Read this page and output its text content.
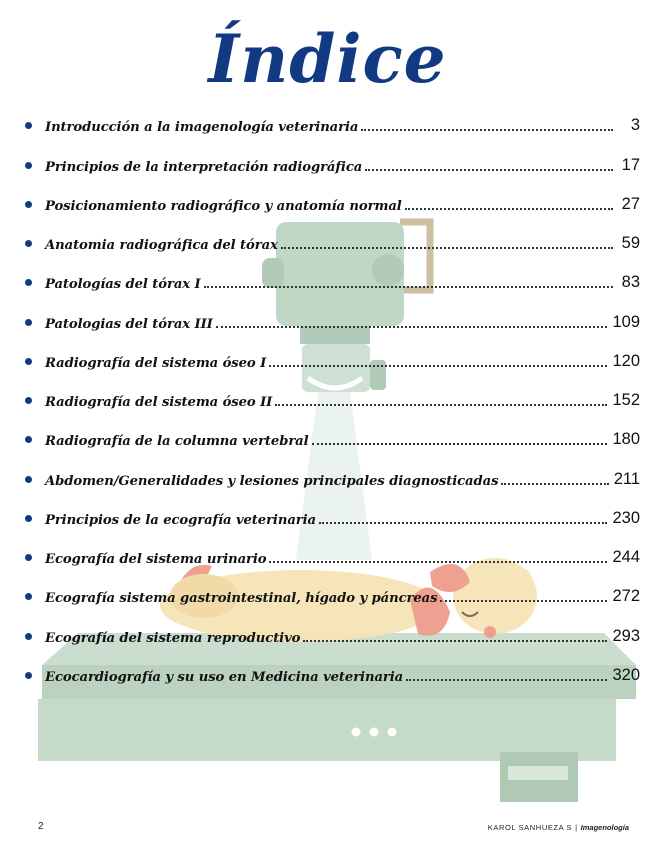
Índice
Introducción a la imagenología veterinaria	3
Principios de la interpretación radiográfica	17
Posicionamiento radiográfico y anatomía normal	27
Anatomia radiográfica del tórax	59
Patologías del tórax I	83
Patologias del tórax III	109
Radiografía del sistema óseo I	120
Radiografía del sistema óseo II	152
Radiografía de la columna vertebral	180
Abdomen/Generalidades y lesiones principales diagnosticadas	211
Principios de la ecografía veterinaria	230
Ecografía del sistema urinario	244
Ecografía sistema gastrointestinal, hígado y páncreas	272
Ecografía del sistema reproductivo	293
Ecocardiografía y su uso en Medicina veterinaria	320
2	KAROL SANHUEZA S | Imagenología
